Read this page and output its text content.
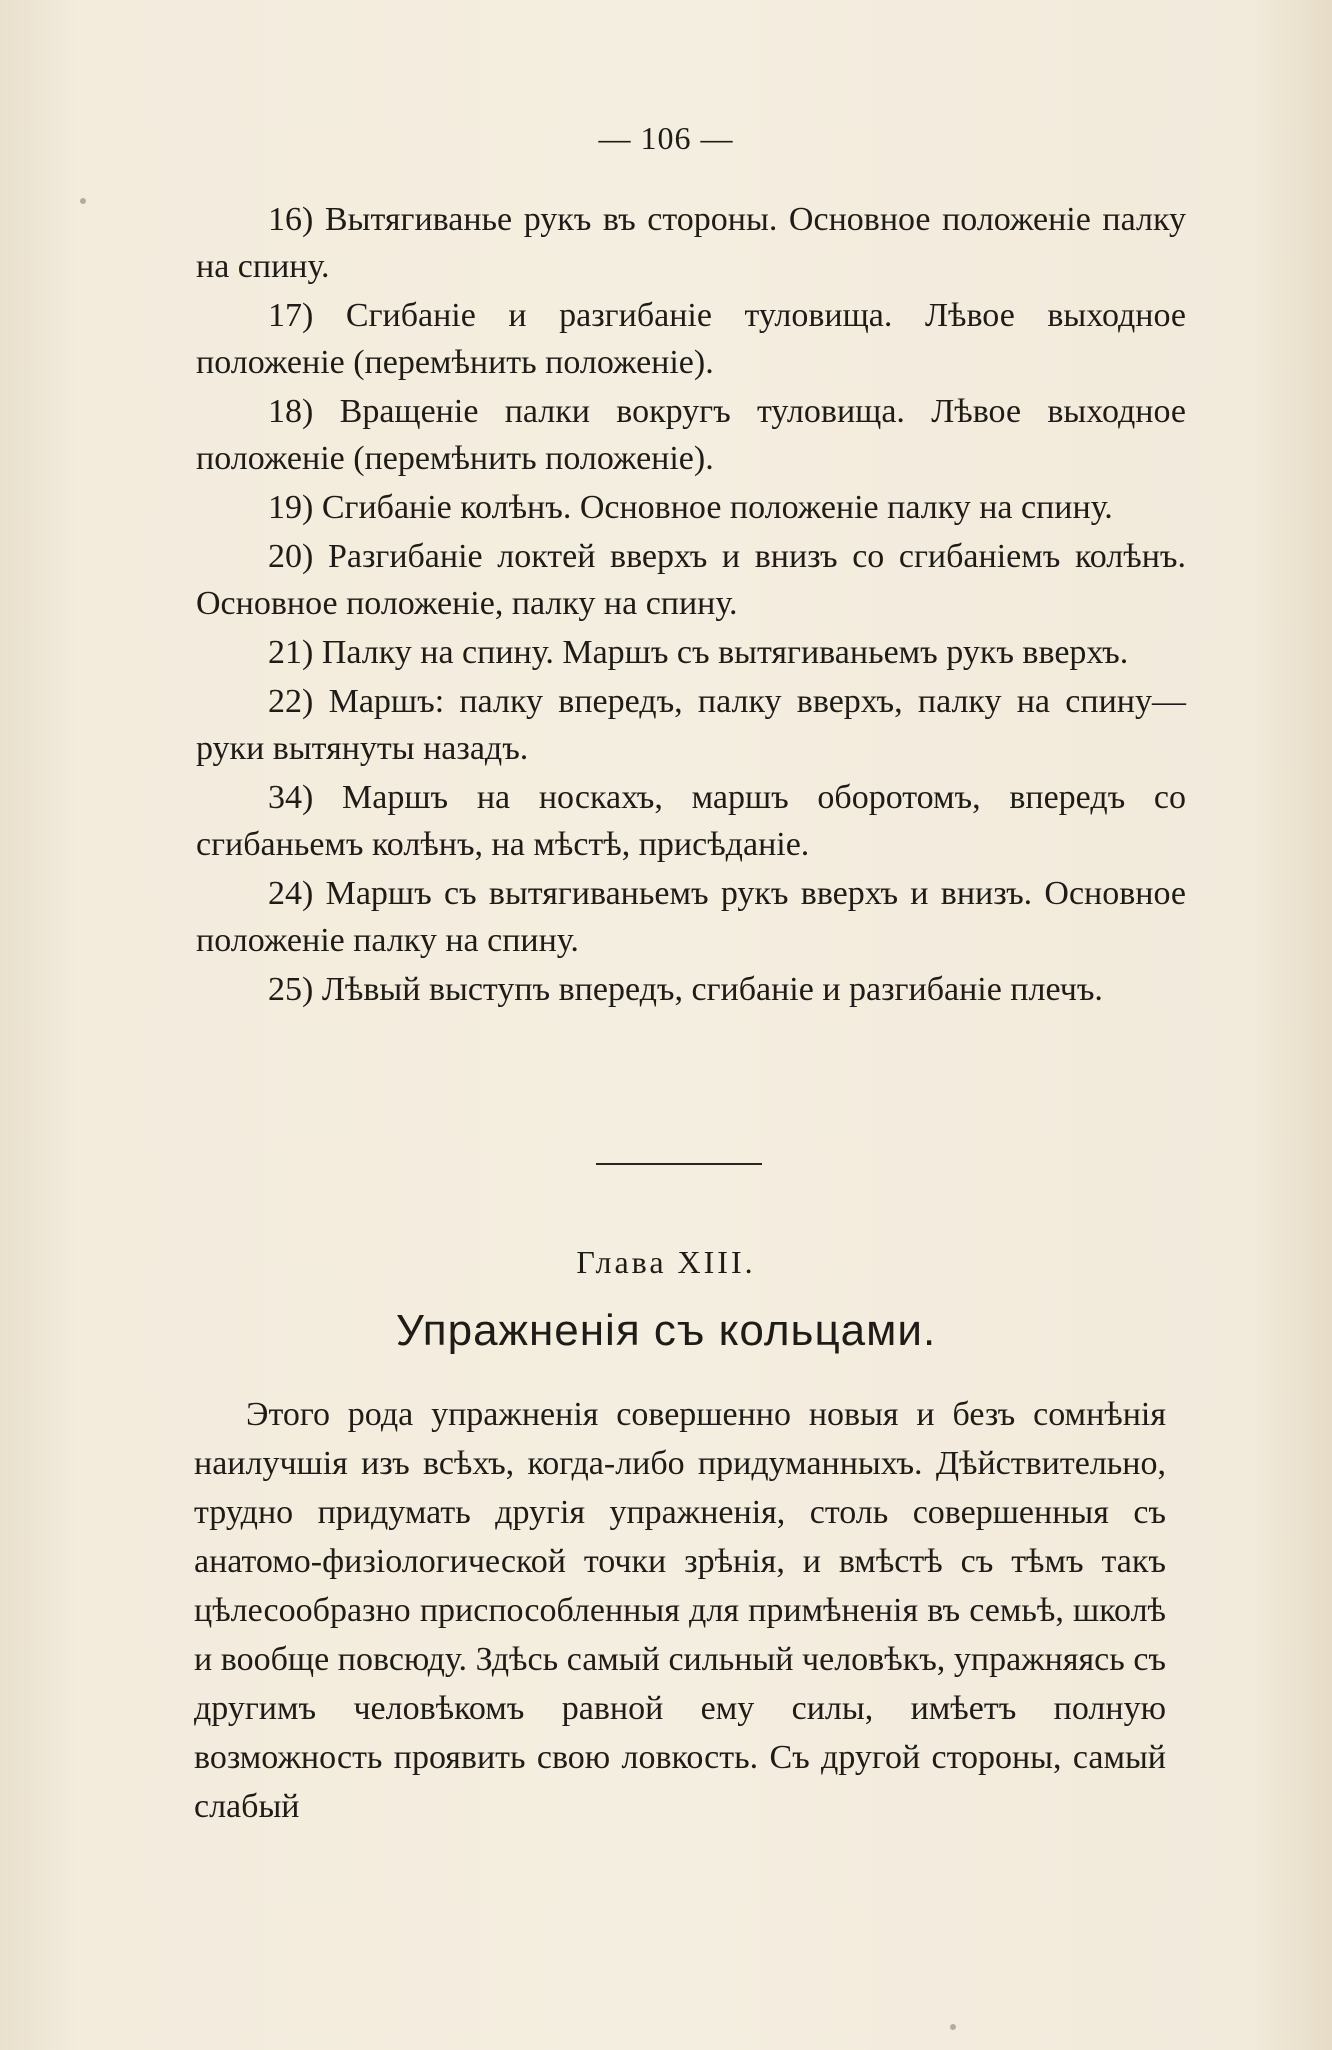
— 106 —

16) Вытягиванье рукъ въ стороны. Основное положеніе палку на спину.

17) Сгибаніе и разгибаніе туловища. Лѣвое выходное положеніе (перемѣнить положеніе).

18) Вращеніе палки вокругъ туловища. Лѣвое выходное положеніе (перемѣнить положеніе).

19) Сгибаніе колѣнъ. Основное положеніе палку на спину.

20) Разгибаніе локтей вверхъ и внизъ со сгибаніемъ колѣнъ. Основное положеніе, палку на спину.

21) Палку на спину. Маршъ съ вытягиваньемъ рукъ вверхъ.

22) Маршъ: палку впередъ, палку вверхъ, палку на спину—руки вытянуты назадъ.

34) Маршъ на носкахъ, маршъ оборотомъ, впередъ со сгибаньемъ колѣнъ, на мѣстѣ, присѣданіе.

24) Маршъ съ вытягиваньемъ рукъ вверхъ и внизъ. Основное положеніе палку на спину.

25) Лѣвый выступъ впередъ, сгибаніе и разгибаніе плечъ.

Глава XIII.
Упражненія съ кольцами.

Этого рода упражненія совершенно новыя и безъ сомнѣнія наилучшія изъ всѣхъ, когда-либо придуманныхъ. Дѣйствительно, трудно придумать другія упражненія, столь совершенныя съ анатомо-физіологической точки зрѣнія, и вмѣстѣ съ тѣмъ такъ цѣлесообразно приспособленныя для примѣненія въ семьѣ, школѣ и вообще повсюду. Здѣсь самый сильный человѣкъ, упражняясь съ другимъ человѣкомъ равной ему силы, имѣетъ полную возможность проявить свою ловкость. Съ другой стороны, самый слабый
